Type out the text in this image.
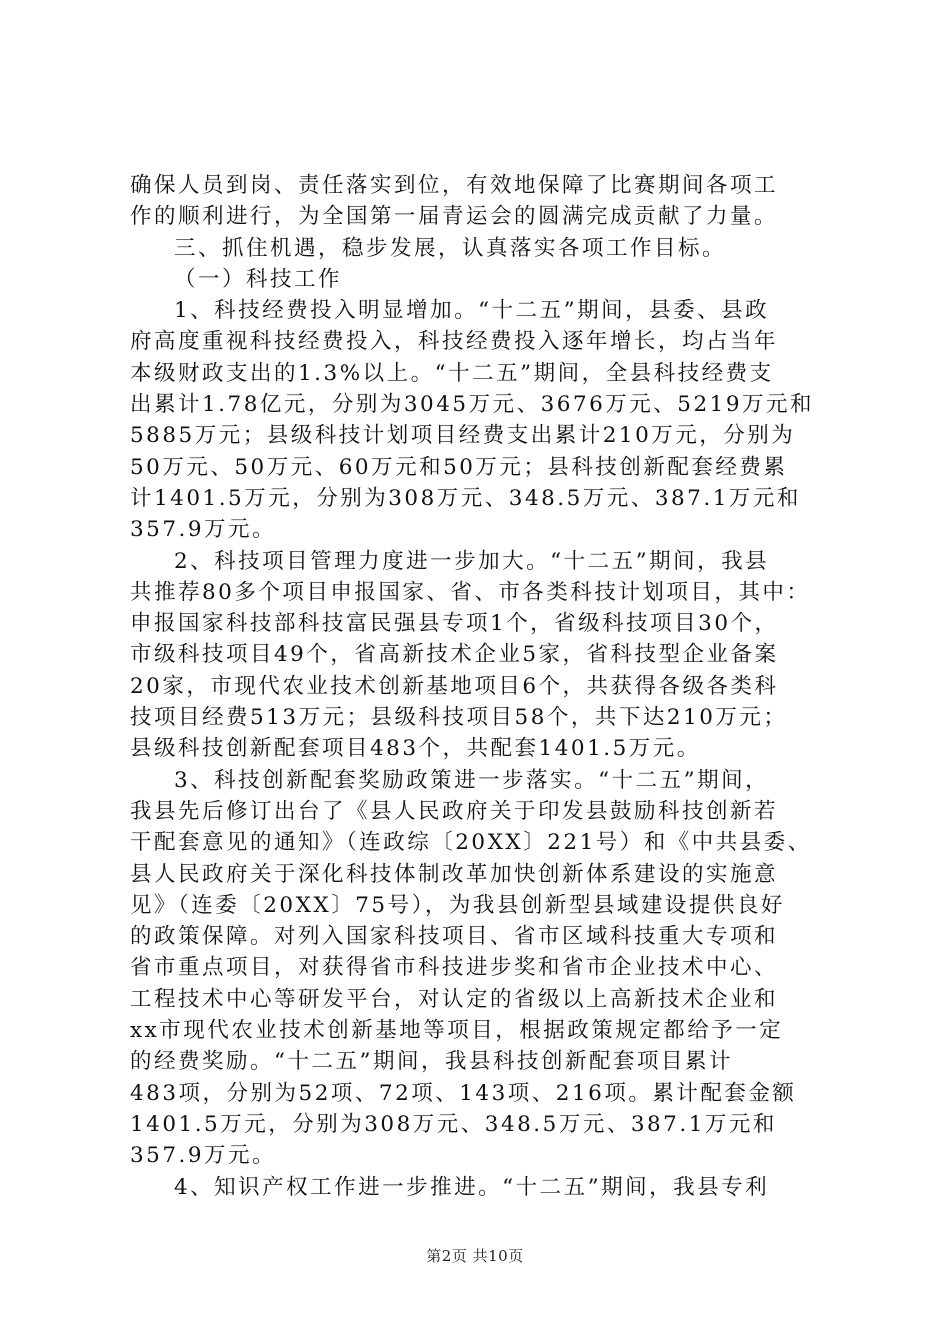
确保人员到岗、责任落实到位，有效地保障了比赛期间各项工
作的顺利进行，为全国第一届青运会的圆满完成贡献了力量。
三、抓住机遇，稳步发展，认真落实各项工作目标。
（一）科技工作
1、科技经费投入明显增加。“十二五”期间，县委、县政
府高度重视科技经费投入，科技经费投入逐年增长，均占当年
本级财政支出的1.3%以上。“十二五”期间，全县科技经费支
出累计1.78亿元，分别为3045万元、3676万元、5219万元和
5885万元；县级科技计划项目经费支出累计210万元，分别为
50万元、50万元、60万元和50万元；县科技创新配套经费累
计1401.5万元，分别为308万元、348.5万元、387.1万元和
357.9万元。
2、科技项目管理力度进一步加大。“十二五”期间，我县
共推荐80多个项目申报国家、省、市各类科技计划项目，其中：
申报国家科技部科技富民强县专项1个，省级科技项目30个，
市级科技项目49个，省高新技术企业5家，省科技型企业备案
20家，市现代农业技术创新基地项目6个，共获得各级各类科
技项目经费513万元；县级科技项目58个，共下达210万元；
县级科技创新配套项目483个，共配套1401.5万元。
3、科技创新配套奖励政策进一步落实。“十二五”期间，
我县先后修订出台了《县人民政府关于印发县鼓励科技创新若
干配套意见的通知》（连政综〔20XX〕221号）和《中共县委、
县人民政府关于深化科技体制改革加快创新体系建设的实施意
见》（连委〔20XX〕75号），为我县创新型县域建设提供良好
的政策保障。对列入国家科技项目、省市区域科技重大专项和
省市重点项目，对获得省市科技进步奖和省市企业技术中心、
工程技术中心等研发平台，对认定的省级以上高新技术企业和
xx市现代农业技术创新基地等项目，根据政策规定都给予一定
的经费奖励。“十二五”期间，我县科技创新配套项目累计
483项，分别为52项、72项、143项、216项。累计配套金额
1401.5万元，分别为308万元、348.5万元、387.1万元和
357.9万元。
4、知识产权工作进一步推进。“十二五”期间，我县专利
第2页 共10页
